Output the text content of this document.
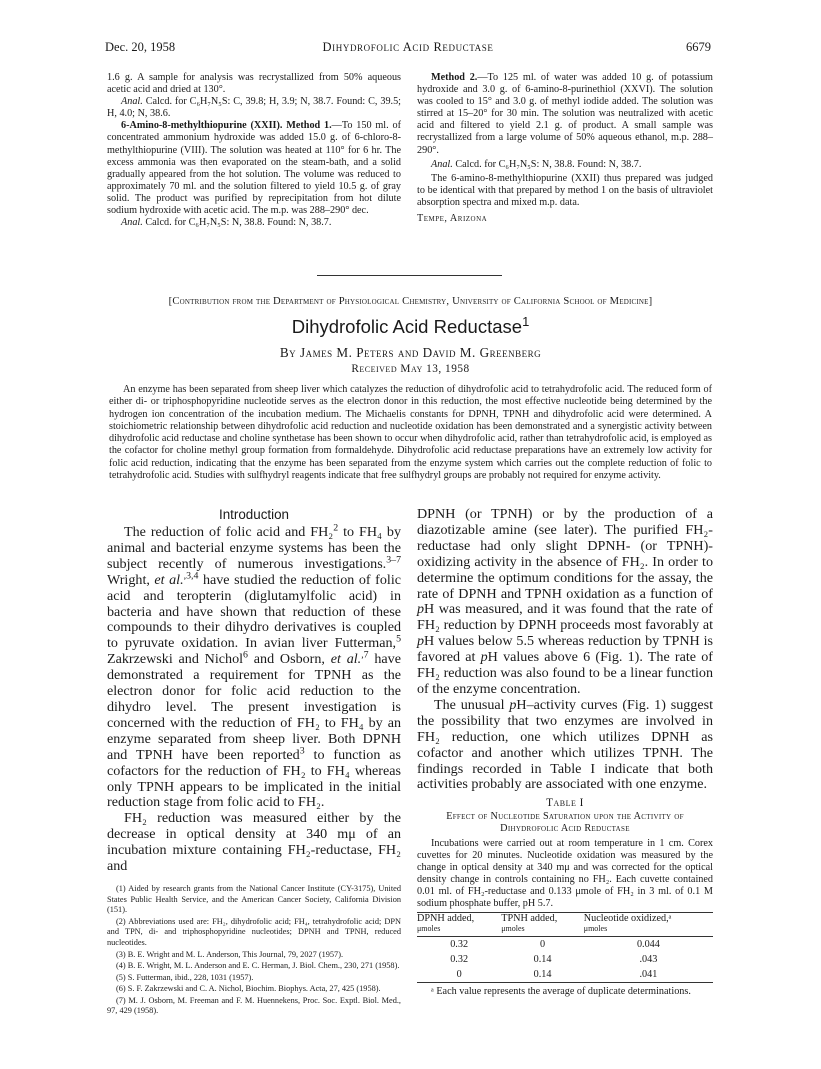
Dec. 20, 1958	Dihydrofolic Acid Reductase	6679

1.6 g. A sample for analysis was recrystallized from 50% aqueous acetic acid and dried at 130°.

Anal. Calcd. for C₆H₇N₅S: C, 39.8; H, 3.9; N, 38.7. Found: C, 39.5; H, 4.0; N, 38.6.

6-Amino-8-methylthiopurine (XXII). Method 1.—To 150 ml. of concentrated ammonium hydroxide was added 15.0 g. of 6-chloro-8-methylthiopurine (VIII). The solution was heated at 110° for 6 hr. The excess ammonia was then evaporated on the steam-bath, and a solid gradually appeared from the hot solution. The volume was reduced to approximately 70 ml. and the solution filtered to yield 10.5 g. of gray solid. The product was purified by reprecipitation from hot dilute sodium hydroxide with acetic acid. The m.p. was 288–290° dec.

Anal. Calcd. for C₆H₇N₅S: N, 38.8. Found: N, 38.7.

Method 2.—To 125 ml. of water was added 10 g. of potassium hydroxide and 3.0 g. of 6-amino-8-purinethiol (XXVI). The solution was cooled to 15° and 3.0 g. of methyl iodide added. The solution was stirred at 15–20° for 30 min. The solution was neutralized with acetic acid and filtered to yield 2.1 g. of product. A small sample was recrystallized from a large volume of 50% aqueous ethanol, m.p. 288–290°.

Anal. Calcd. for C₆H₇N₅S: N, 38.8. Found: N, 38.7.

The 6-amino-8-methylthiopurine (XXII) thus prepared was judged to be identical with that prepared by method 1 on the basis of ultraviolet absorption spectra and mixed m.p. data.

Tempe, Arizona

[Contribution from the Department of Physiological Chemistry, University of California School of Medicine]
Dihydrofolic Acid Reductase$^1$
By James M. Peters and David M. Greenberg
Received May 13, 1958

An enzyme has been separated from sheep liver which catalyzes the reduction of dihydrofolic acid to tetrahydrofolic acid. The reduced form of either di- or triphosphopyridine nucleotide serves as the electron donor in this reduction, the most effective nucleotide being determined by the hydrogen ion concentration of the incubation medium. The Michaelis constants for DPNH, TPNH and dihydrofolic acid were determined. A stoichiometric relationship between dihydrofolic acid reduction and nucleotide oxidation has been demonstrated and a synergistic activity between dihydrofolic acid reductase and choline synthetase has been shown to occur when dihydrofolic acid, rather than tetrahydrofolic acid, is employed as the cofactor for choline methyl group formation from formaldehyde. Dihydrofolic acid reductase preparations have an extremely low activity for folic acid reduction, indicating that the enzyme has been separated from the enzyme system which carries out the complete reduction of folic to tetrahydrofolic acid. Studies with sulfhydryl reagents indicate that free sulfhydryl groups are probably not required for enzyme activity.

Introduction

The reduction of folic acid and FH₂$^2$ to FH₄ by animal and bacterial enzyme systems has been the subject recently of numerous investigations.$^{3-7}$ Wright, et al.$^{,3,4}$ have studied the reduction of folic acid and teropterin (diglutamylfolic acid) in bacteria and have shown that reduction of these compounds to their dihydro derivatives is coupled to pyruvate oxidation. In avian liver Futterman,$^5$ Zakrzewski and Nichol$^6$ and Osborn, et al.$^{,7}$ have demonstrated a requirement for TPNH as the electron donor for folic acid reduction to the dihydro level. The present investigation is concerned with the reduction of FH₂ to FH₄ by an enzyme separated from sheep liver. Both DPNH and TPNH have been reported$^3$ to function as cofactors for the reduction of FH₂ to FH₄ whereas only TPNH appears to be implicated in the initial reduction stage from folic acid to FH₂.

FH₂ reduction was measured either by the decrease in optical density at 340 mμ of an incubation mixture containing FH₂-reductase, FH₂ and

(1) Aided by research grants from the National Cancer Institute (CY-3175), United States Public Health Service, and the American Cancer Society, California Division (151).

(2) Abbreviations used are: FH₂, dihydrofolic acid; FH₄, tetrahydrofolic acid; DPN and TPN, di- and triphosphopyridine nucleotides; DPNH and TPNH, reduced nucleotides.

(3) B. E. Wright and M. L. Anderson, This Journal, 79, 2027 (1957).

(4) B. E. Wright, M. L. Anderson and E. C. Herman, J. Biol. Chem., 230, 271 (1958).

(5) S. Futterman, ibid., 228, 1031 (1957).

(6) S. F. Zakrzewski and C. A. Nichol, Biochim. Biophys. Acta, 27, 425 (1958).

(7) M. J. Osborn, M. Freeman and F. M. Huennekens, Proc. Soc. Exptl. Biol. Med., 97, 429 (1958).

DPNH (or TPNH) or by the production of a diazotizable amine (see later). The purified FH₂-reductase had only slight DPNH- (or TPNH)-oxidizing activity in the absence of FH₂. In order to determine the optimum conditions for the assay, the rate of DPNH and TPNH oxidation as a function of pH was measured, and it was found that the rate of FH₂ reduction by DPNH proceeds most favorably at pH values below 5.5 whereas reduction by TPNH is favored at pH values above 6 (Fig. 1). The rate of FH₂ reduction was also found to be a linear function of the enzyme concentration.

The unusual pH–activity curves (Fig. 1) suggest the possibility that two enzymes are involved in FH₂ reduction, one which utilizes DPNH as cofactor and another which utilizes TPNH. The findings recorded in Table I indicate that both activities probably are associated with one enzyme.

Table I
Effect of Nucleotide Saturation upon the Activity of Dihydrofolic Acid Reductase

Incubations were carried out at room temperature in 1 cm. Corex cuvettes for 20 minutes. Nucleotide oxidation was measured by the change in optical density at 340 mμ and was corrected for the optical density change in controls containing no FH₂. Each cuvette contained 0.01 ml. of FH₂-reductase and 0.133 μmole of FH₂ in 3 ml. of 0.1 M sodium phosphate buffer, pH 5.7.

DPNH added,
μmoles	TPNH added,
μmoles	Nucleotide oxidized,ᵃ
μmoles
0.32	0	0.044
0.32	0.14	.043
0	0.14	.041

ᵃ Each value represents the average of duplicate determinations.
